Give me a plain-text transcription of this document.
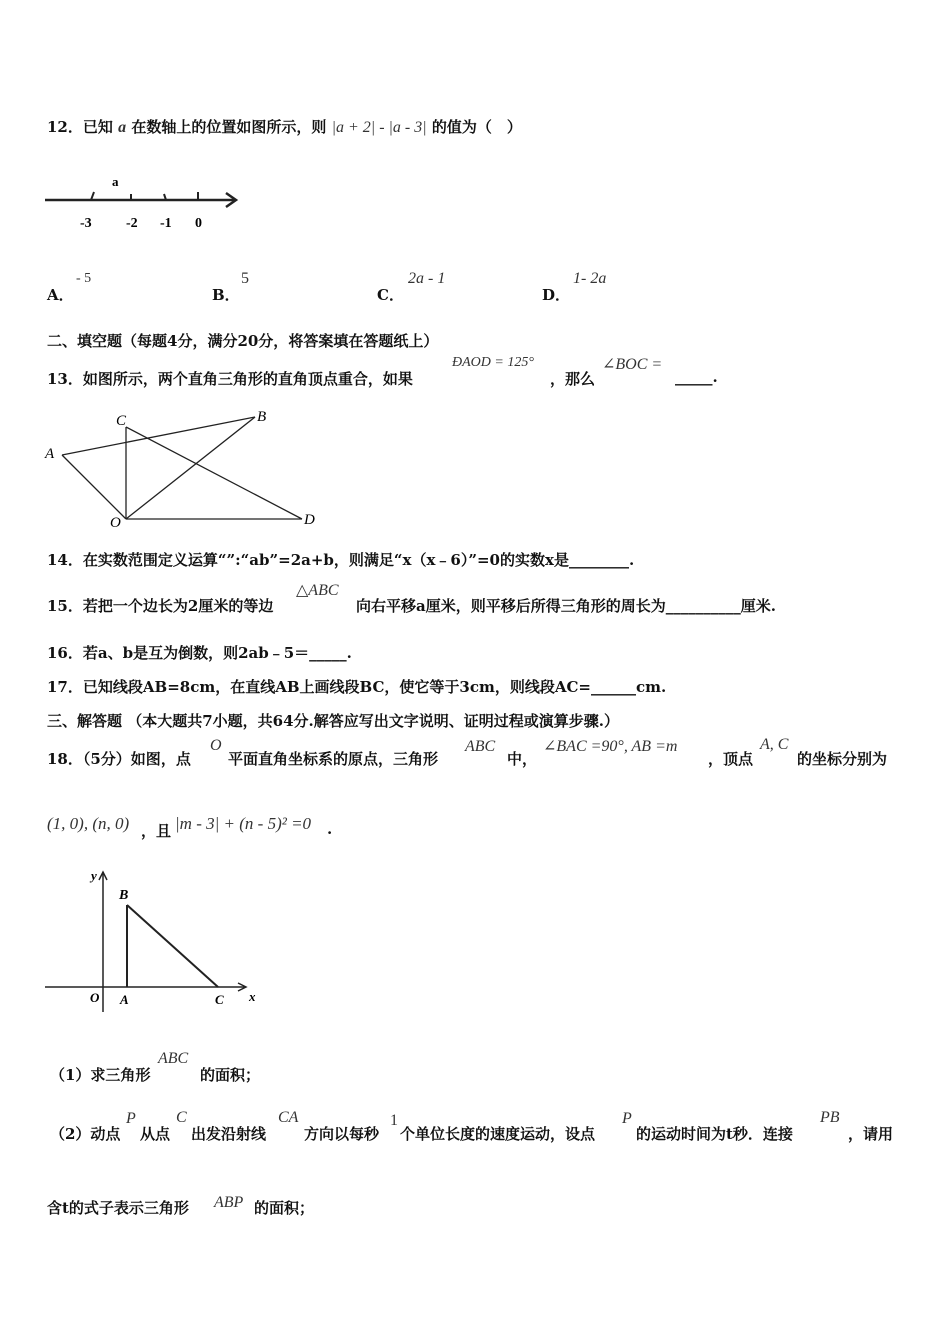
12．已知 a 在数轴上的位置如图所示，则 |a + 2| - |a - 3| 的值为（　）
a
-3 -2 -1 0
A．
- 5
B．
5
C．
2a - 1
D．
1- 2a
二、填空题（每题4分，满分20分，将答案填在答题纸上）
13．如图所示，两个直角三角形的直角顶点重合，如果
ÐAOD = 125°
，那么
∠BOC =
_____.
A
B
C
O	D
14．在实数范围定义运算“”:“ab”=2a+b，则满足“x（x﹣6）”=0的实数x是________.
15．若把一个边长为2厘米的等边
△ABC
向右平移a厘米，则平移后所得三角形的周长为__________厘米.
16．若a、b是互为倒数，则2ab﹣5＝_____.
17．已知线段AB=8cm，在直线AB上画线段BC，使它等于3cm，则线段AC=______cm.
三、解答题 （本大题共7小题，共64分.解答应写出文字说明、证明过程或演算步骤.）
18．（5分）如图，点
O
平面直角坐标系的原点，三角形
ABC
中，
∠BAC =90°, AB =m
，顶点
A, C
的坐标分别为
(1, 0), (n, 0) ，且 |m - 3| + (n - 5)² =0 .
y
x
B
O A	C
（1）求三角形
ABC
的面积；
（2）动点
P
从点
C
出发沿射线
CA
方向以每秒
1
个单位长度的速度运动，设点
P
的运动时间为t秒．连接
PB
，请用
含t的式子表示三角形 ABP 的面积；
